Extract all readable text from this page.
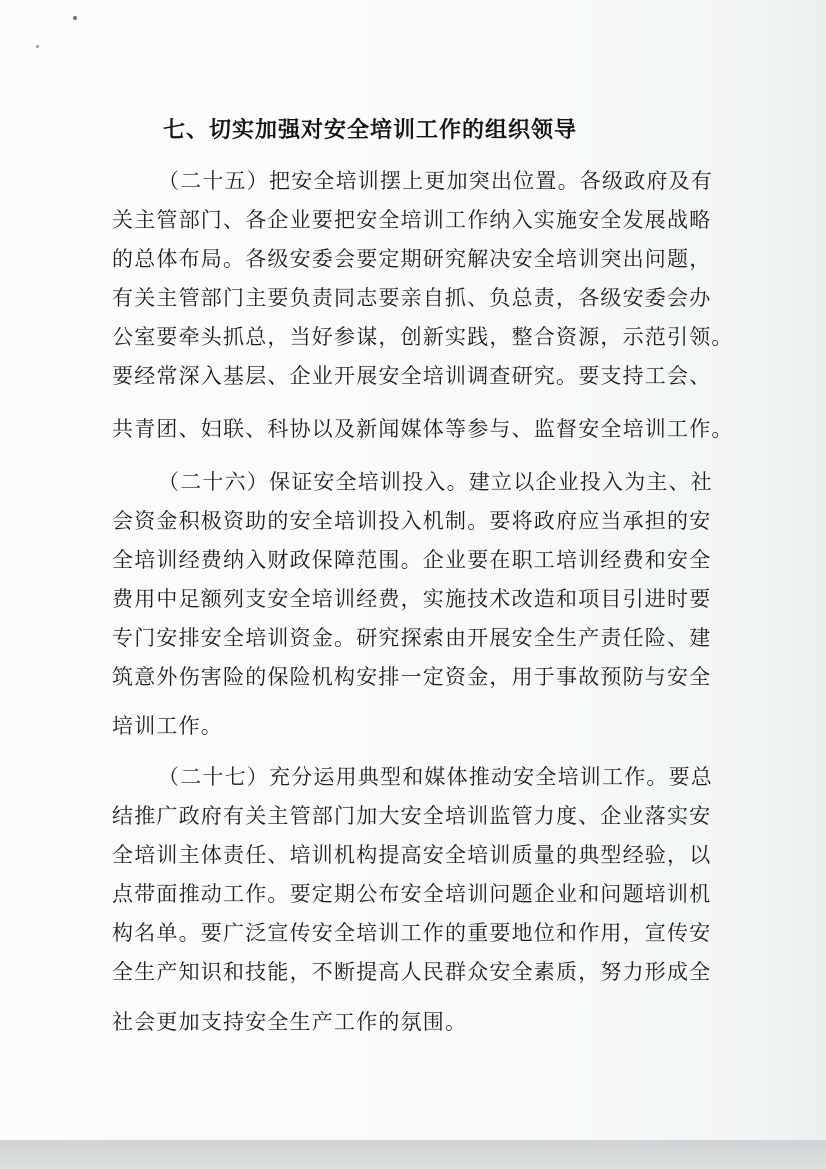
七、切实加强对安全培训工作的组织领导
（二十五）把安全培训摆上更加突出位置。各级政府及有
关主管部门、各企业要把安全培训工作纳入实施安全发展战略
的总体布局。各级安委会要定期研究解决安全培训突出问题，
有关主管部门主要负责同志要亲自抓、负总责，各级安委会办
公室要牵头抓总，当好参谋，创新实践，整合资源，示范引领。
要经常深入基层、企业开展安全培训调查研究。要支持工会、
共青团、妇联、科协以及新闻媒体等参与、监督安全培训工作。
（二十六）保证安全培训投入。建立以企业投入为主、社
会资金积极资助的安全培训投入机制。要将政府应当承担的安
全培训经费纳入财政保障范围。企业要在职工培训经费和安全
费用中足额列支安全培训经费，实施技术改造和项目引进时要
专门安排安全培训资金。研究探索由开展安全生产责任险、建
筑意外伤害险的保险机构安排一定资金，用于事故预防与安全
培训工作。
（二十七）充分运用典型和媒体推动安全培训工作。要总
结推广政府有关主管部门加大安全培训监管力度、企业落实安
全培训主体责任、培训机构提高安全培训质量的典型经验，以
点带面推动工作。要定期公布安全培训问题企业和问题培训机
构名单。要广泛宣传安全培训工作的重要地位和作用，宣传安
全生产知识和技能，不断提高人民群众安全素质，努力形成全
社会更加支持安全生产工作的氛围。
